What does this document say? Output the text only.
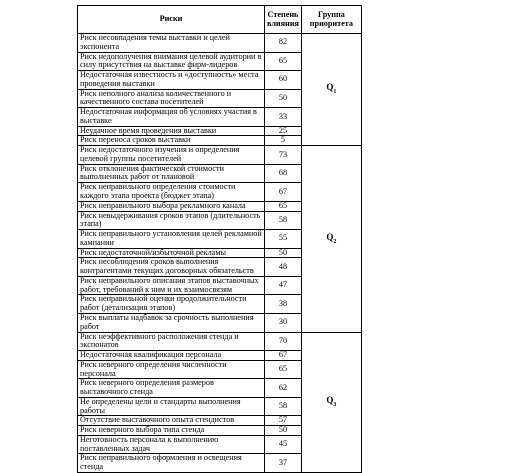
Риски	Степень влияния	Группа приоритета
Риск несовпадения темы выставки и целей экспонента	82	$Q_1$
Риск недополучения внимания целевой аудитории в силу присутствия на выставке фирм-лидеров	65	
Недостаточная известность и «доступность» места проведения выставки	60	
Риск неполного анализа количественного и качественного состава посетителей	50	
Недостаточная информация об условиях участия в выставке	33	
Неудачное время проведения выставки	25	
Риск переноса сроков выставки	5	
Риск недостаточного изучения и определения целевой группы посетителей	73	$Q_2$
Риск отклонения фактической стоимости выполненных работ от плановой	68	
Риск неправильного определения стоимости каждого этапа проекта (бюджет этапа)	67	
Риск неправильного выбора рекламного канала	65	
Риск невыдерживания сроков этапов (длительность этапа)	58	
Риск неправильного установления целей рекламной кампании	55	
Риск недостаточной/избыточной рекламы	50	
Риск несоблюдения сроков выполнения контрагентами текущих договорных обязательств	48	
Риск неправильного описания этапов выставочных работ, требований к ним и их взаимосвязям	47	
Риск неправильной оценки продолжительности работ (детализация этапов)	38	
Риск выплаты надбавок за срочность выполнения работ	30	
Риск неэффективного расположения стенда и экспонатов	70	$Q_3$
Недостаточная квалификация персонала	67	
Риск неверного определения численности персонала	65	
Риск неверного определения размеров выставочного стенда	62	
Не определены цели и стандарты выполнения работы	58	
Отсутствие выставочного опыта стендистов	57	
Риск неверного выбора типа стенда	50	
Неготовность персонала к выполнению поставленных задач	45	
Риск неправильного оформления и освещения стенда	37	
